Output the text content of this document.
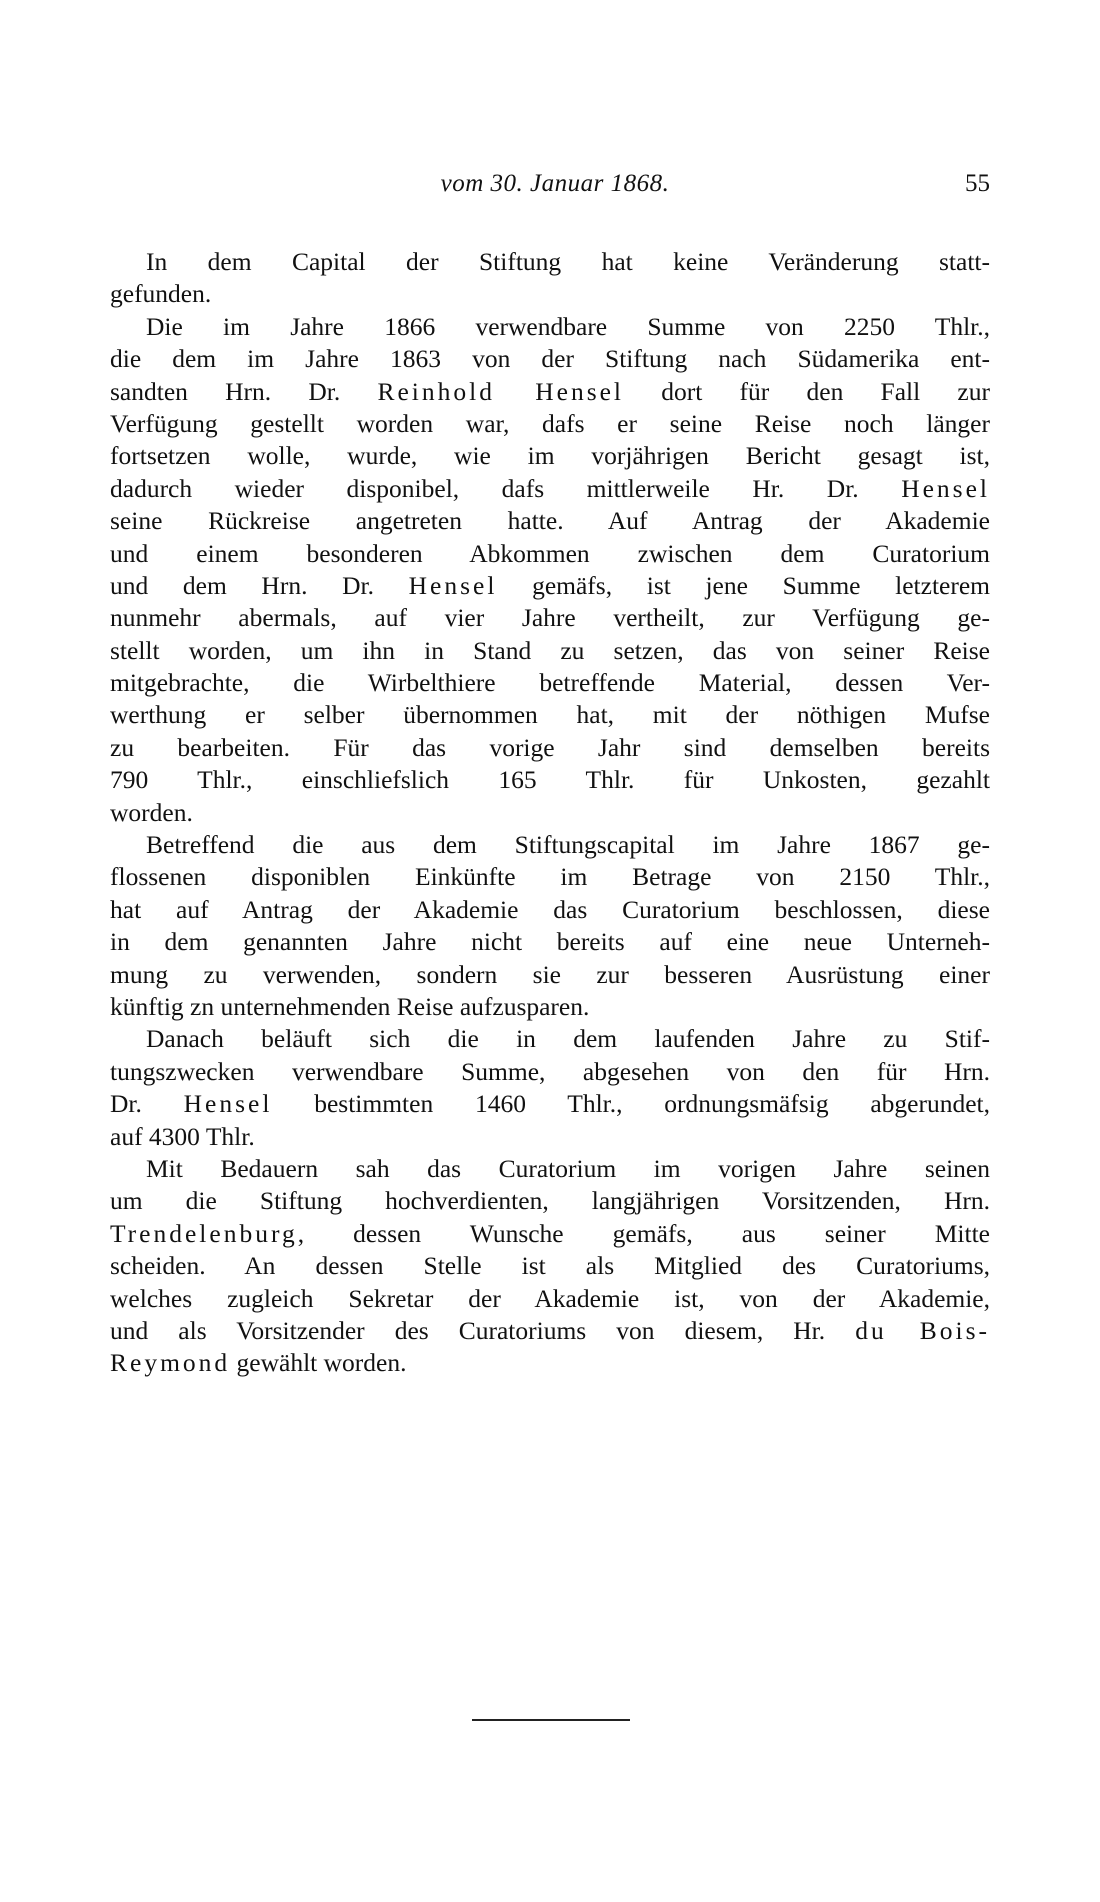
vom 30. Januar 1868.	55
In dem Capital der Stiftung hat keine Veränderung statt-
gefunden.
Die im Jahre 1866 verwendbare Summe von 2250 Thlr.,
die dem im Jahre 1863 von der Stiftung nach Südamerika ent-
sandten Hrn. Dr. Reinhold Hensel dort für den Fall zur
Verfügung gestellt worden war, dafs er seine Reise noch länger
fortsetzen wolle, wurde, wie im vorjährigen Bericht gesagt ist,
dadurch wieder disponibel, dafs mittlerweile Hr. Dr. Hensel
seine Rückreise angetreten hatte. Auf Antrag der Akademie
und einem besonderen Abkommen zwischen dem Curatorium
und dem Hrn. Dr. Hensel gemäfs, ist jene Summe letzterem
nunmehr abermals, auf vier Jahre vertheilt, zur Verfügung ge-
stellt worden, um ihn in Stand zu setzen, das von seiner Reise
mitgebrachte, die Wirbelthiere betreffende Material, dessen Ver-
werthung er selber übernommen hat, mit der nöthigen Mufse
zu bearbeiten. Für das vorige Jahr sind demselben bereits
790 Thlr., einschliefslich 165 Thlr. für Unkosten, gezahlt
worden.
Betreffend die aus dem Stiftungscapital im Jahre 1867 ge-
flossenen disponiblen Einkünfte im Betrage von 2150 Thlr.,
hat auf Antrag der Akademie das Curatorium beschlossen, diese
in dem genannten Jahre nicht bereits auf eine neue Unterneh-
mung zu verwenden, sondern sie zur besseren Ausrüstung einer
künftig zn unternehmenden Reise aufzusparen.
Danach beläuft sich die in dem laufenden Jahre zu Stif-
tungszwecken verwendbare Summe, abgesehen von den für Hrn.
Dr. Hensel bestimmten 1460 Thlr., ordnungsmäfsig abgerundet,
auf 4300 Thlr.
Mit Bedauern sah das Curatorium im vorigen Jahre seinen
um die Stiftung hochverdienten, langjährigen Vorsitzenden, Hrn.
Trendelenburg, dessen Wunsche gemäfs, aus seiner Mitte
scheiden. An dessen Stelle ist als Mitglied des Curatoriums,
welches zugleich Sekretar der Akademie ist, von der Akademie,
und als Vorsitzender des Curatoriums von diesem, Hr. du Bois-
Reymond gewählt worden.
